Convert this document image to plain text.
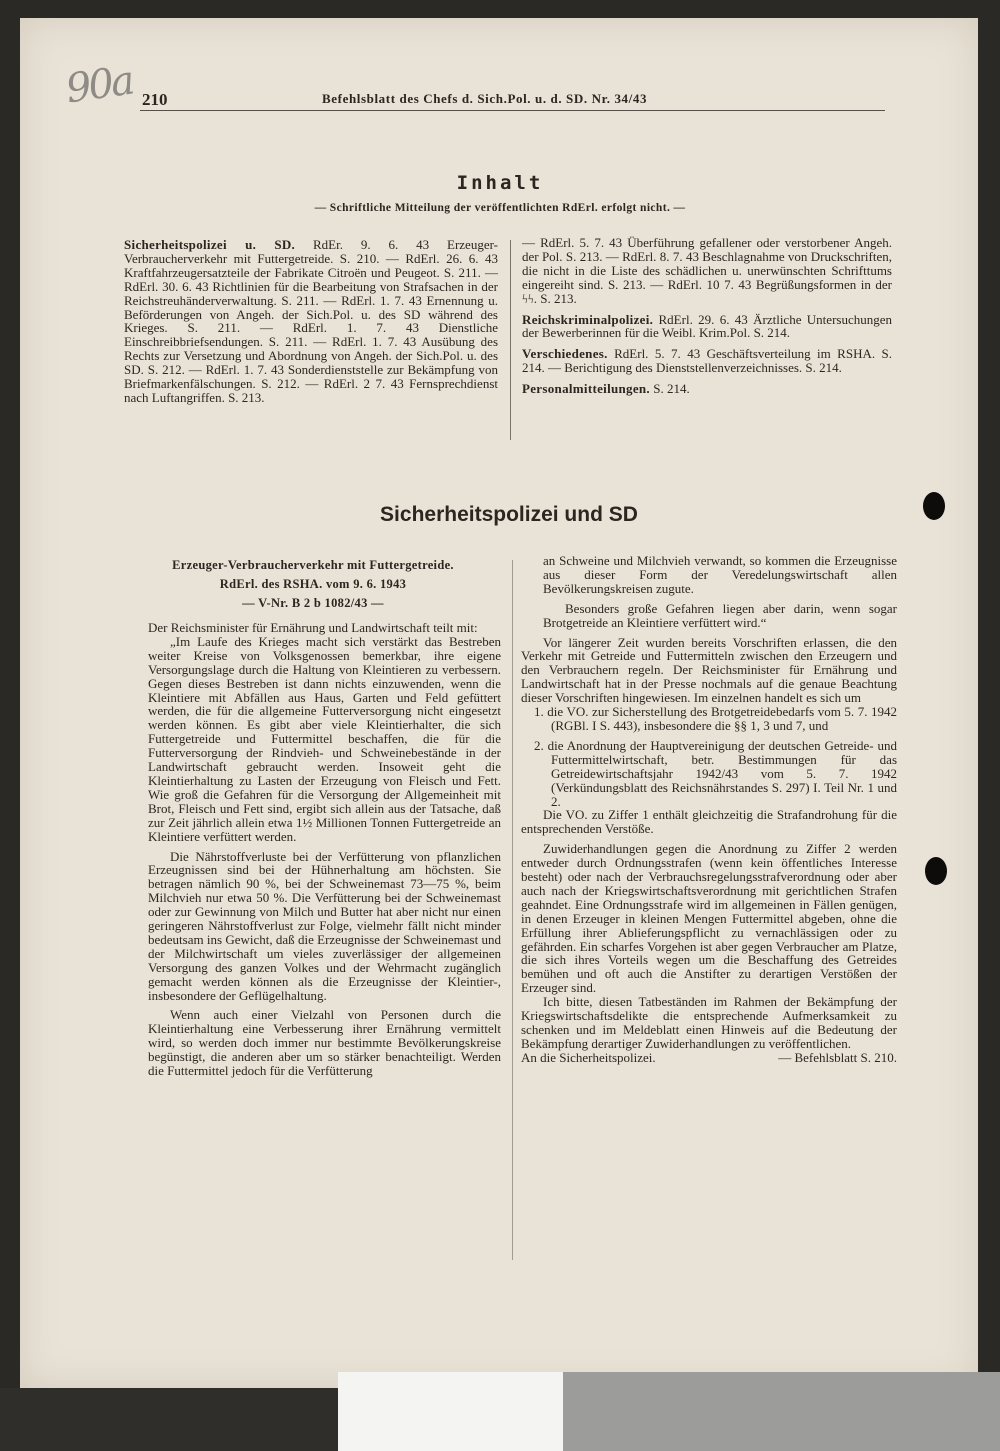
90a 210	Befehlsblatt des Chefs d. Sich.Pol. u. d. SD. Nr. 34/43
Inhalt
— Schriftliche Mitteilung der veröffentlichten RdErl. erfolgt nicht. —

Sicherheitspolizei u. SD. RdEr. 9. 6. 43 Erzeuger-Verbraucherverkehr mit Futtergetreide. S. 210. — RdErl. 26. 6. 43 Kraftfahrzeugersatzteile der Fabrikate Citroën und Peugeot. S. 211. — RdErl. 30. 6. 43 Richtlinien für die Bearbeitung von Strafsachen in der Reichstreuhänderverwaltung. S. 211. — RdErl. 1. 7. 43 Ernennung u. Beförderungen von Angeh. der Sich.Pol. u. des SD während des Krieges. S. 211. — RdErl. 1. 7. 43 Dienstliche Einschreibbriefsendungen. S. 211. — RdErl. 1. 7. 43 Ausübung des Rechts zur Versetzung und Abordnung von Angeh. der Sich.Pol. u. des SD. S. 212. — RdErl. 1. 7. 43 Sonderdienststelle zur Bekämpfung von Briefmarkenfälschungen. S. 212. — RdErl. 2 7. 43 Fernsprechdienst nach Luftangriffen. S. 213.

— RdErl. 5. 7. 43 Überführung gefallener oder verstorbener Angeh. der Pol. S. 213. — RdErl. 8. 7. 43 Beschlagnahme von Druckschriften, die nicht in die Liste des schädlichen u. unerwünschten Schrifttums eingereiht sind. S. 213. — RdErl. 10 7. 43 Begrüßungsformen in der ϟϟ. S. 213.

Reichskriminalpolizei. RdErl. 29. 6. 43 Ärztliche Untersuchungen der Bewerberinnen für die Weibl. Krim.Pol. S. 214.

Verschiedenes. RdErl. 5. 7. 43 Geschäftsverteilung im RSHA. S. 214. — Berichtigung des Dienststellenverzeichnisses. S. 214.

Personalmitteilungen. S. 214.

Sicherheitspolizei und SD
Erzeuger-Verbraucherverkehr mit Futtergetreide.
RdErl. des RSHA. vom 9. 6. 1943
— V-Nr. B 2 b 1082/43 —

Der Reichsminister für Ernährung und Landwirtschaft teilt mit:

„Im Laufe des Krieges macht sich verstärkt das Bestreben weiter Kreise von Volksgenossen bemerkbar, ihre eigene Versorgungslage durch die Haltung von Kleintieren zu verbessern. Gegen dieses Bestreben ist dann nichts einzuwenden, wenn die Kleintiere mit Abfällen aus Haus, Garten und Feld gefüttert werden, die für die allgemeine Futterversorgung nicht eingesetzt werden können. Es gibt aber viele Kleintierhalter, die sich Futtergetreide und Futtermittel beschaffen, die für die Futterversorgung der Rindvieh- und Schweinebestände in der Landwirtschaft gebraucht werden. Insoweit geht die Kleintierhaltung zu Lasten der Erzeugung von Fleisch und Fett. Wie groß die Gefahren für die Versorgung der Allgemeinheit mit Brot, Fleisch und Fett sind, ergibt sich allein aus der Tatsache, daß zur Zeit jährlich allein etwa 1½ Millionen Tonnen Futtergetreide an Kleintiere verfüttert werden.

Die Nährstoffverluste bei der Verfütterung von pflanzlichen Erzeugnissen sind bei der Hühnerhaltung am höchsten. Sie betragen nämlich 90 %, bei der Schweinemast 73—75 %, beim Milchvieh nur etwa 50 %. Die Verfütterung bei der Schweinemast oder zur Gewinnung von Milch und Butter hat aber nicht nur einen geringeren Nährstoffverlust zur Folge, vielmehr fällt nicht minder bedeutsam ins Gewicht, daß die Erzeugnisse der Schweinemast und der Milchwirtschaft um vieles zuverlässiger der allgemeinen Versorgung des ganzen Volkes und der Wehrmacht zugänglich gemacht werden können als die Erzeugnisse der Kleintier-, insbesondere der Geflügelhaltung.

Wenn auch einer Vielzahl von Personen durch die Kleintierhaltung eine Verbesserung ihrer Ernährung vermittelt wird, so werden doch immer nur bestimmte Bevölkerungskreise begünstigt, die anderen aber um so stärker benachteiligt. Werden die Futtermittel jedoch für die Verfütterung

an Schweine und Milchvieh verwandt, so kommen die Erzeugnisse aus dieser Form der Veredelungswirtschaft allen Bevölkerungskreisen zugute.

Besonders große Gefahren liegen aber darin, wenn sogar Brotgetreide an Kleintiere verfüttert wird.“

Vor längerer Zeit wurden bereits Vorschriften erlassen, die den Verkehr mit Getreide und Futtermitteln zwischen den Erzeugern und den Verbrauchern regeln. Der Reichsminister für Ernährung und Landwirtschaft hat in der Presse nochmals auf die genaue Beachtung dieser Vorschriften hingewiesen. Im einzelnen handelt es sich um

1. die VO. zur Sicherstellung des Brotgetreidebedarfs vom 5. 7. 1942 (RGBl. I S. 443), insbesondere die §§ 1, 3 und 7, und

2. die Anordnung der Hauptvereinigung der deutschen Getreide- und Futtermittelwirtschaft, betr. Bestimmungen für das Getreidewirtschaftsjahr 1942/43 vom 5. 7. 1942 (Verkündungsblatt des Reichsnährstandes S. 297) I. Teil Nr. 1 und 2.

Die VO. zu Ziffer 1 enthält gleichzeitig die Strafandrohung für die entsprechenden Verstöße.

Zuwiderhandlungen gegen die Anordnung zu Ziffer 2 werden entweder durch Ordnungsstrafen (wenn kein öffentliches Interesse besteht) oder nach der Verbrauchsregelungsstrafverordnung oder aber auch nach der Kriegswirtschaftsverordnung mit gerichtlichen Strafen geahndet. Eine Ordnungsstrafe wird im allgemeinen in Fällen genügen, in denen Erzeuger in kleinen Mengen Futtermittel abgeben, ohne die Erfüllung ihrer Ablieferungspflicht zu vernachlässigen oder zu gefährden. Ein scharfes Vorgehen ist aber gegen Verbraucher am Platze, die sich ihres Vorteils wegen um die Beschaffung des Getreides bemühen und oft auch die Anstifter zu derartigen Verstößen der Erzeuger sind.

Ich bitte, diesen Tatbeständen im Rahmen der Bekämpfung der Kriegswirtschaftsdelikte die entsprechende Aufmerksamkeit zu schenken und im Meldeblatt einen Hinweis auf die Bedeutung der Bekämpfung derartiger Zuwiderhandlungen zu veröffentlichen.

An die Sicherheitspolizei.	— Befehlsblatt S. 210.
